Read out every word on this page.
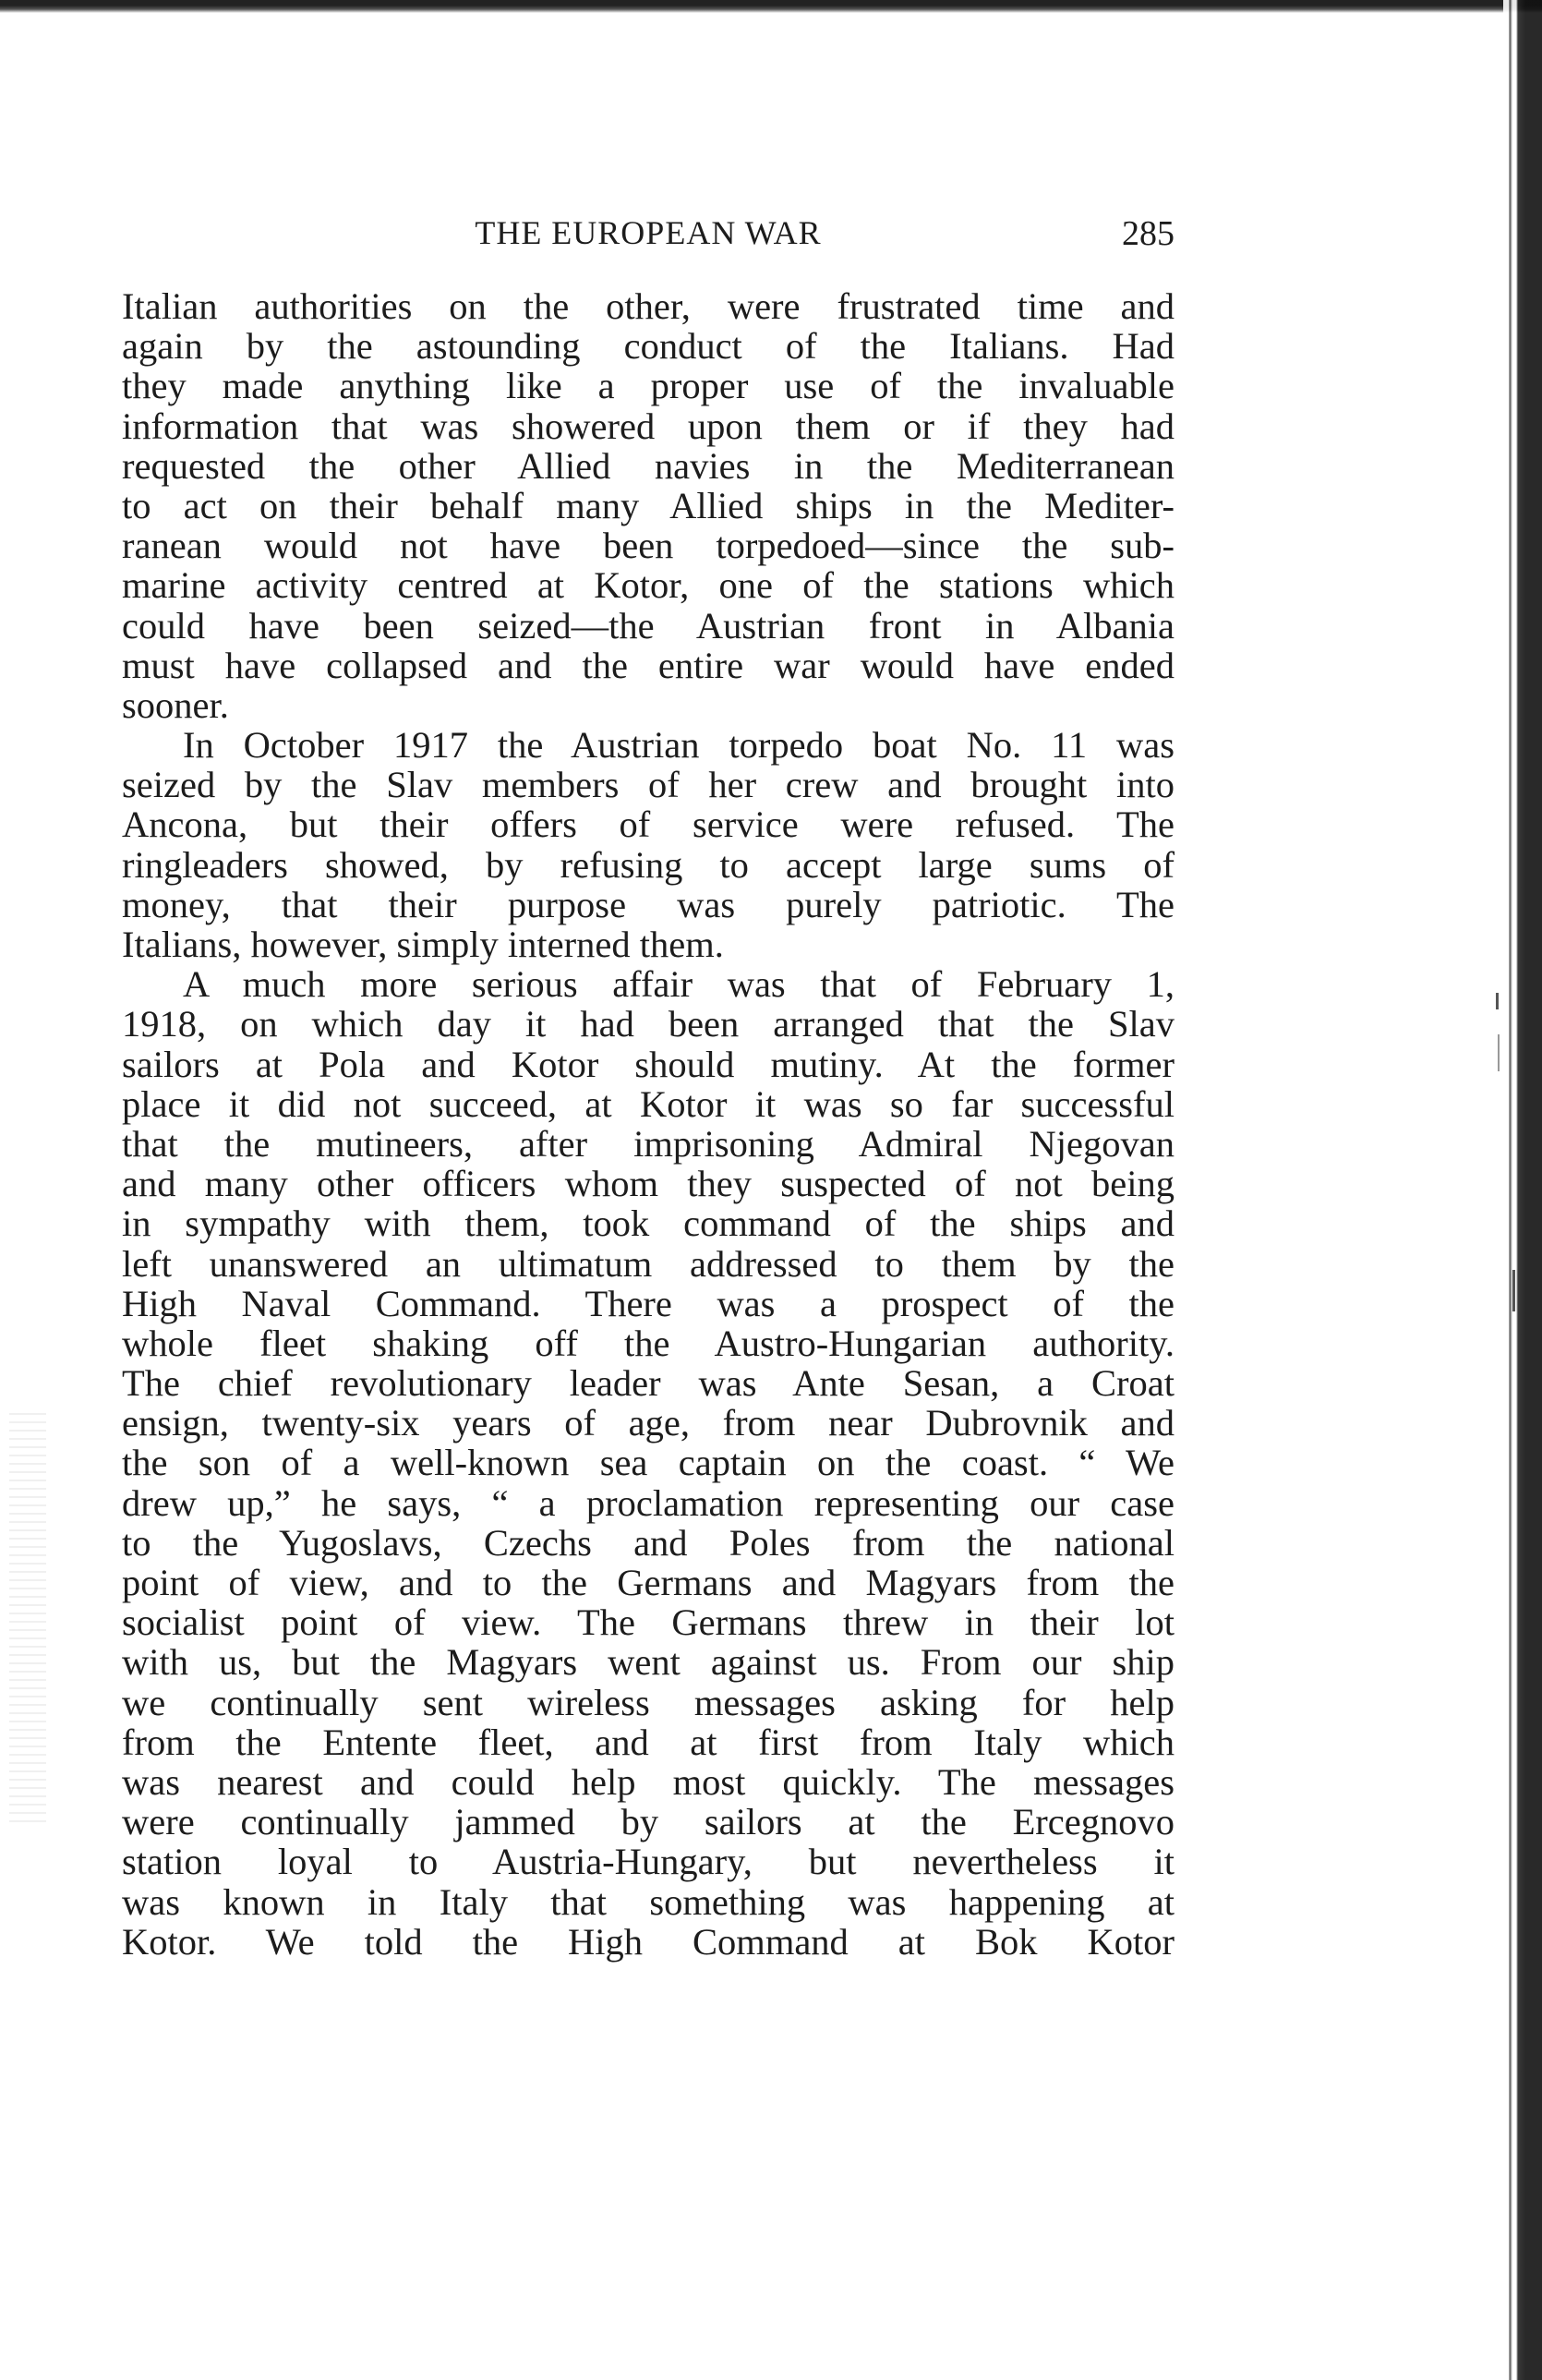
THE EUROPEAN WAR	285
Italian authorities on the other, were frustrated time and
again by the astounding conduct of the Italians. Had
they made anything like a proper use of the invaluable
information that was showered upon them or if they had
requested the other Allied navies in the Mediterranean
to act on their behalf many Allied ships in the Mediter-
ranean would not have been torpedoed—since the sub-
marine activity centred at Kotor, one of the stations which
could have been seized—the Austrian front in Albania
must have collapsed and the entire war would have ended
sooner.
In October 1917 the Austrian torpedo boat No. 11 was
seized by the Slav members of her crew and brought into
Ancona, but their offers of service were refused. The
ringleaders showed, by refusing to accept large sums of
money, that their purpose was purely patriotic. The
Italians, however, simply interned them.
A much more serious affair was that of February 1,
1918, on which day it had been arranged that the Slav
sailors at Pola and Kotor should mutiny. At the former
place it did not succeed, at Kotor it was so far successful
that the mutineers, after imprisoning Admiral Njegovan
and many other officers whom they suspected of not being
in sympathy with them, took command of the ships and
left unanswered an ultimatum addressed to them by the
High Naval Command. There was a prospect of the
whole fleet shaking off the Austro-Hungarian authority.
The chief revolutionary leader was Ante Sesan, a Croat
ensign, twenty-six years of age, from near Dubrovnik and
the son of a well-known sea captain on the coast. “ We
drew up,” he says, “ a proclamation representing our case
to the Yugoslavs, Czechs and Poles from the national
point of view, and to the Germans and Magyars from the
socialist point of view. The Germans threw in their lot
with us, but the Magyars went against us. From our ship
we continually sent wireless messages asking for help
from the Entente fleet, and at first from Italy which
was nearest and could help most quickly. The messages
were continually jammed by sailors at the Ercegnovo
station loyal to Austria-Hungary, but nevertheless it
was known in Italy that something was happening at
Kotor. We told the High Command at Bok Kotor
